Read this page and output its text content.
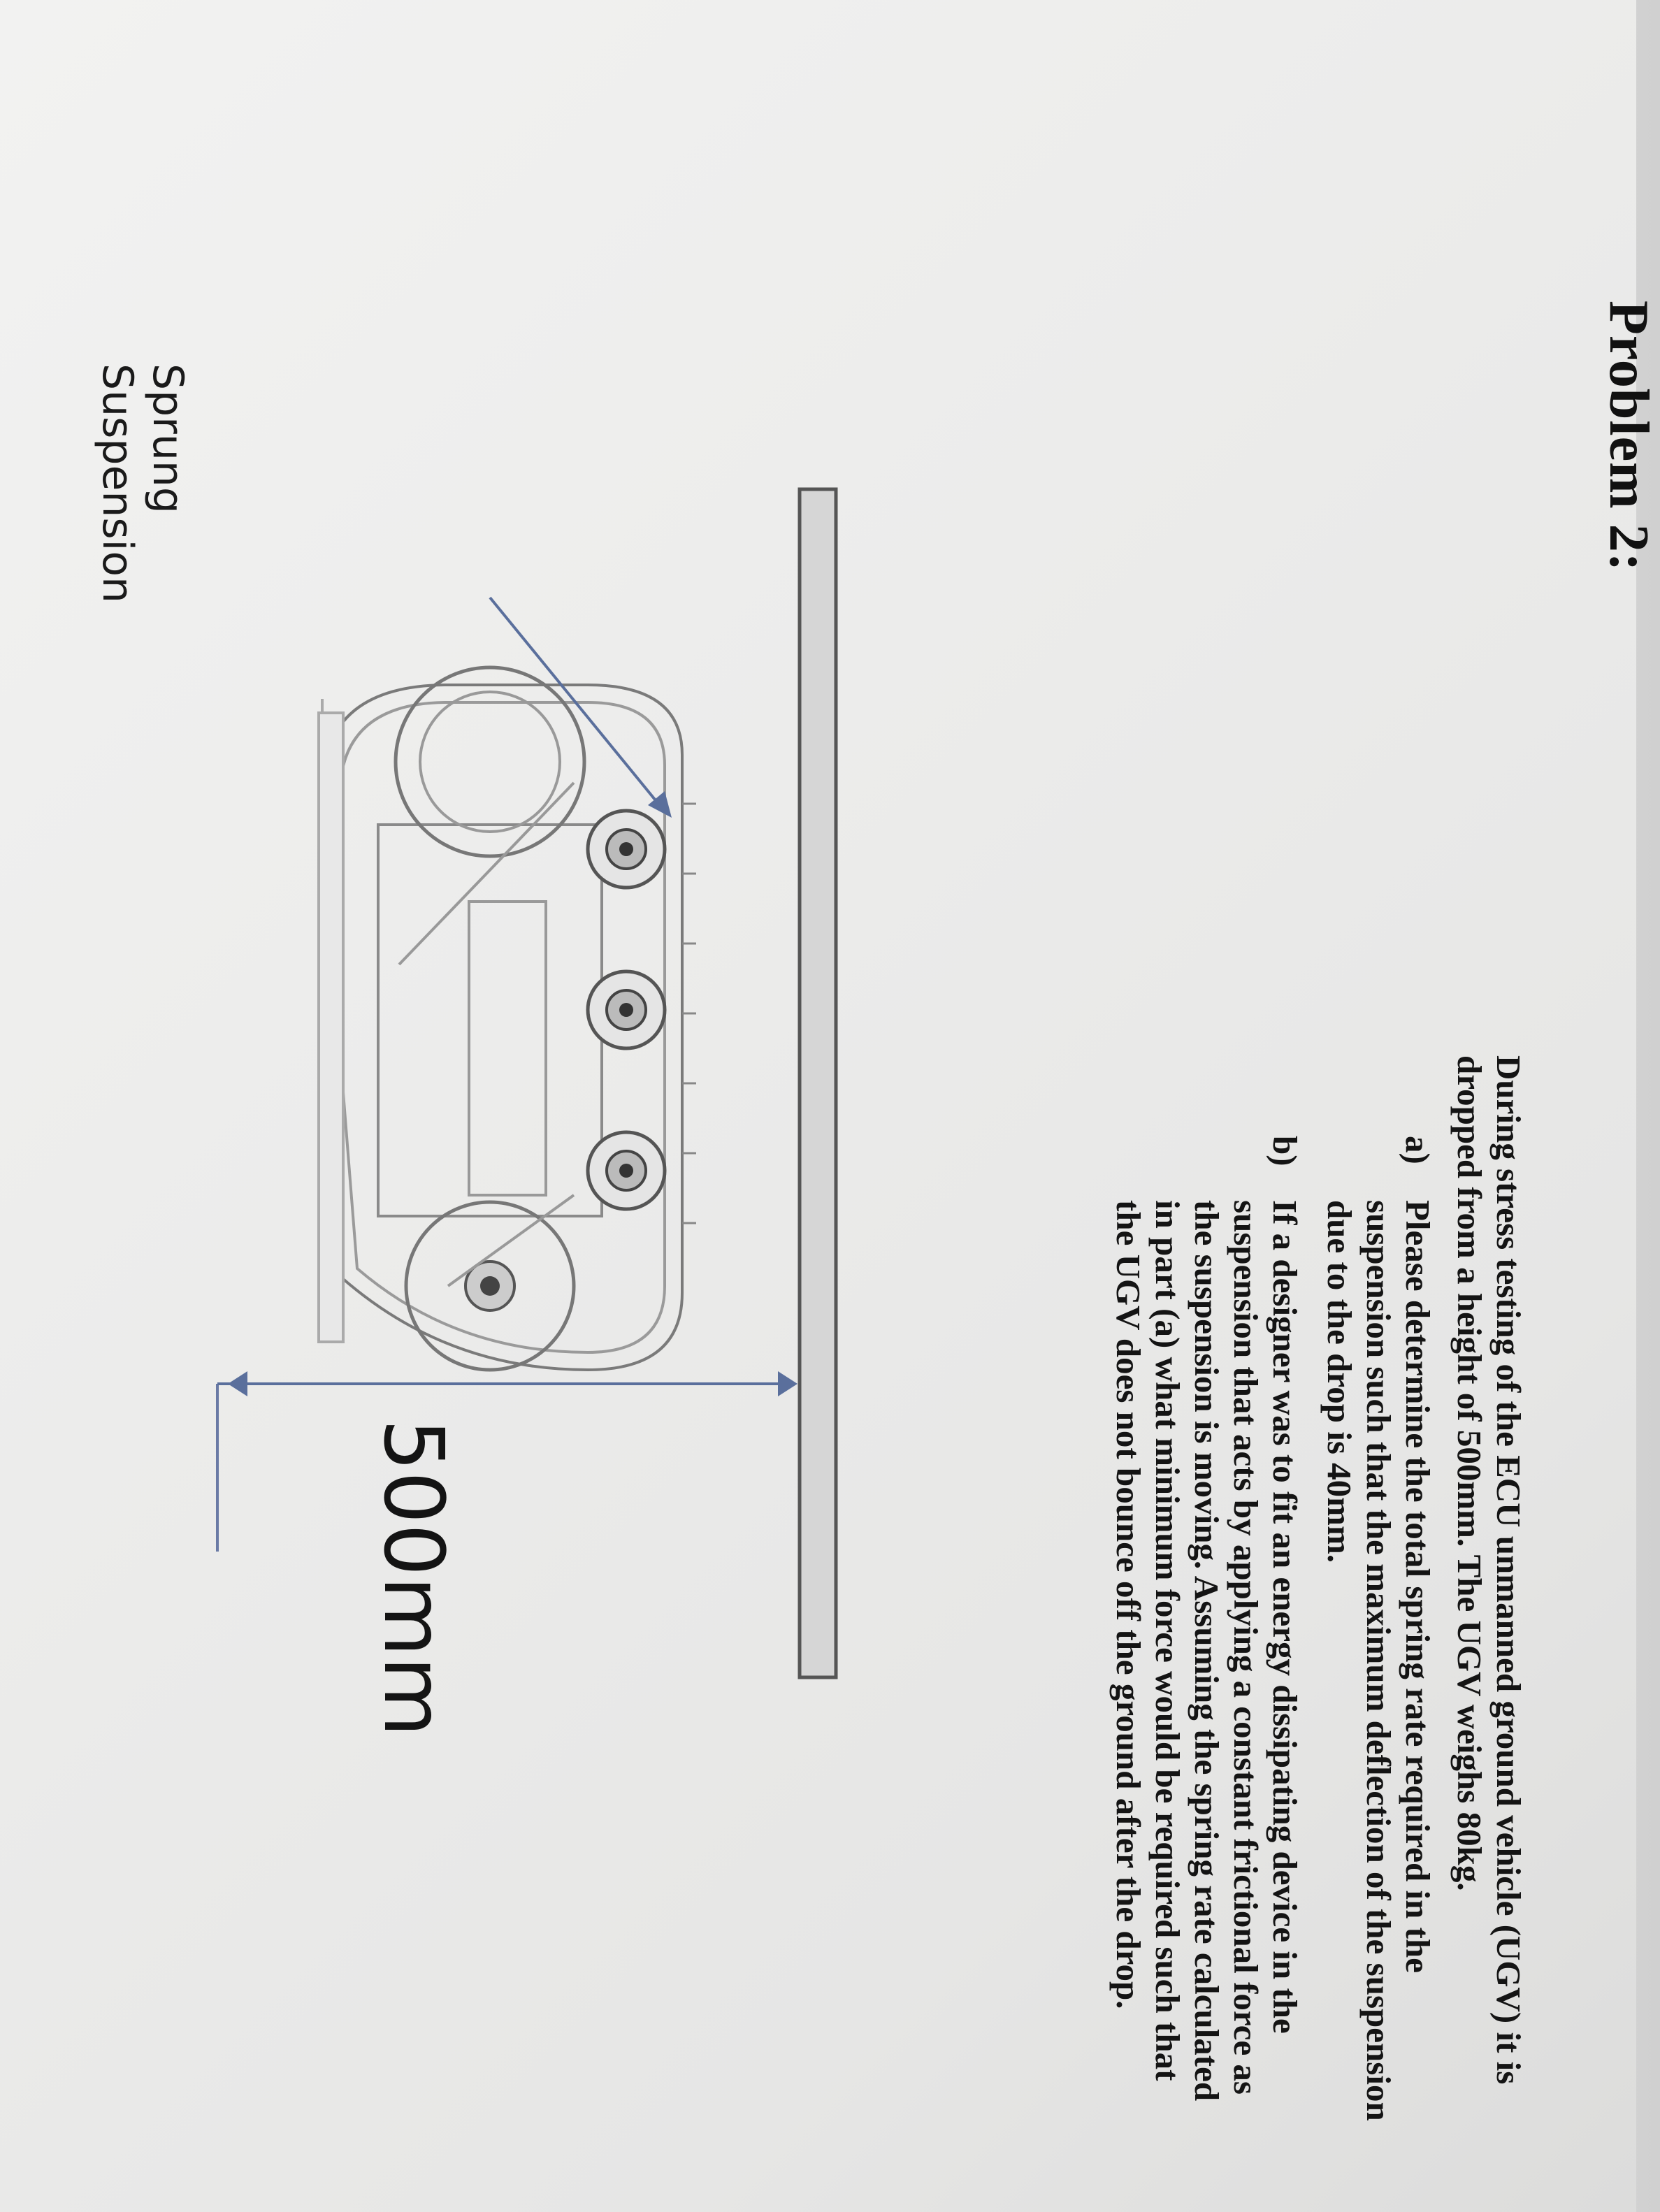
Problem 2:
Sprung
Suspension
500mm	During stress testing of the ECU unmanned ground vehicle (UGV) it is dropped from a height of 500mm. The UGV weighs 80kg.
a)
Please determine the total spring rate required in the suspension such that the maximum deflection of the suspension due to the drop is 40mm.
b)
If a designer was to fit an energy dissipating device in the suspension that acts by applying a constant frictional force as the suspension is moving. Assuming the spring rate calculated in part (a) what minimum force would be required such that the UGV does not bounce off the ground after the drop.
